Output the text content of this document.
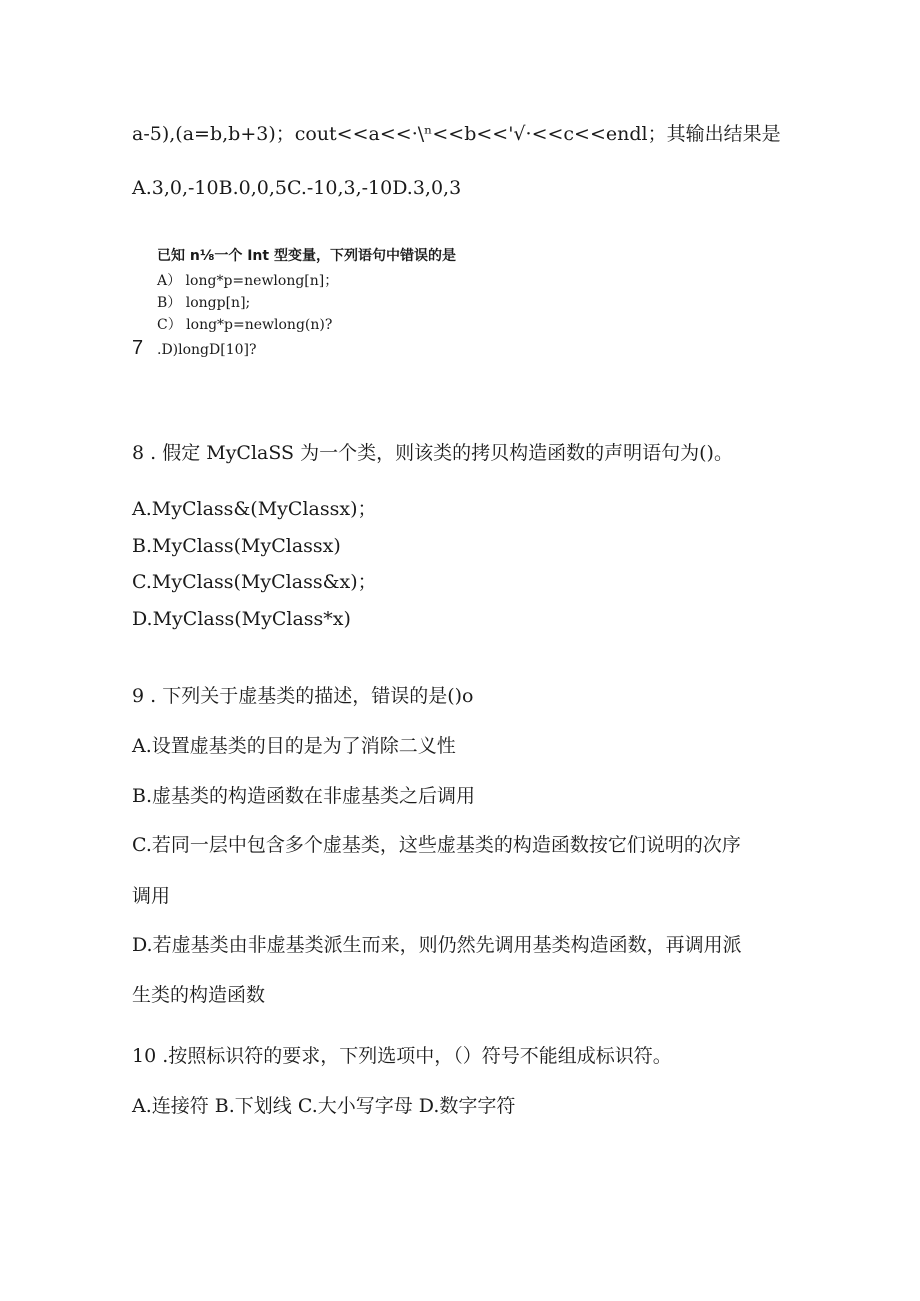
a-5),(a=b,b+3)；cout<<a<<·\ⁿ<<b<<'√·<<c<<endl；其输出结果是
A.3,0,-10B.0,0,5C.-10,3,-10D.3,0,3
已知 n⅛一个 Int 型变量，下列语句中错误的是
A） long*p=newlong[n]；
B） longp[n];
C） long*p=newlong(n)?
7 .D)longD[10]?
8 . 假定 MyClaSS 为一个类，则该类的拷贝构造函数的声明语句为()。
A.MyClass&(MyClassx)；
B.MyClass(MyClassx)
C.MyClass(MyClass&x)；
D.MyClass(MyClass*x)
9 . 下列关于虚基类的描述，错误的是()o
A.设置虚基类的目的是为了消除二义性
B.虚基类的构造函数在非虚基类之后调用
C.若同一层中包含多个虚基类，这些虚基类的构造函数按它们说明的次序
调用
D.若虚基类由非虚基类派生而来，则仍然先调用基类构造函数，再调用派
生类的构造函数
10 .按照标识符的要求，下列选项中，（）符号不能组成标识符。
A.连接符 B.下划线 C.大小写字母 D.数字字符
